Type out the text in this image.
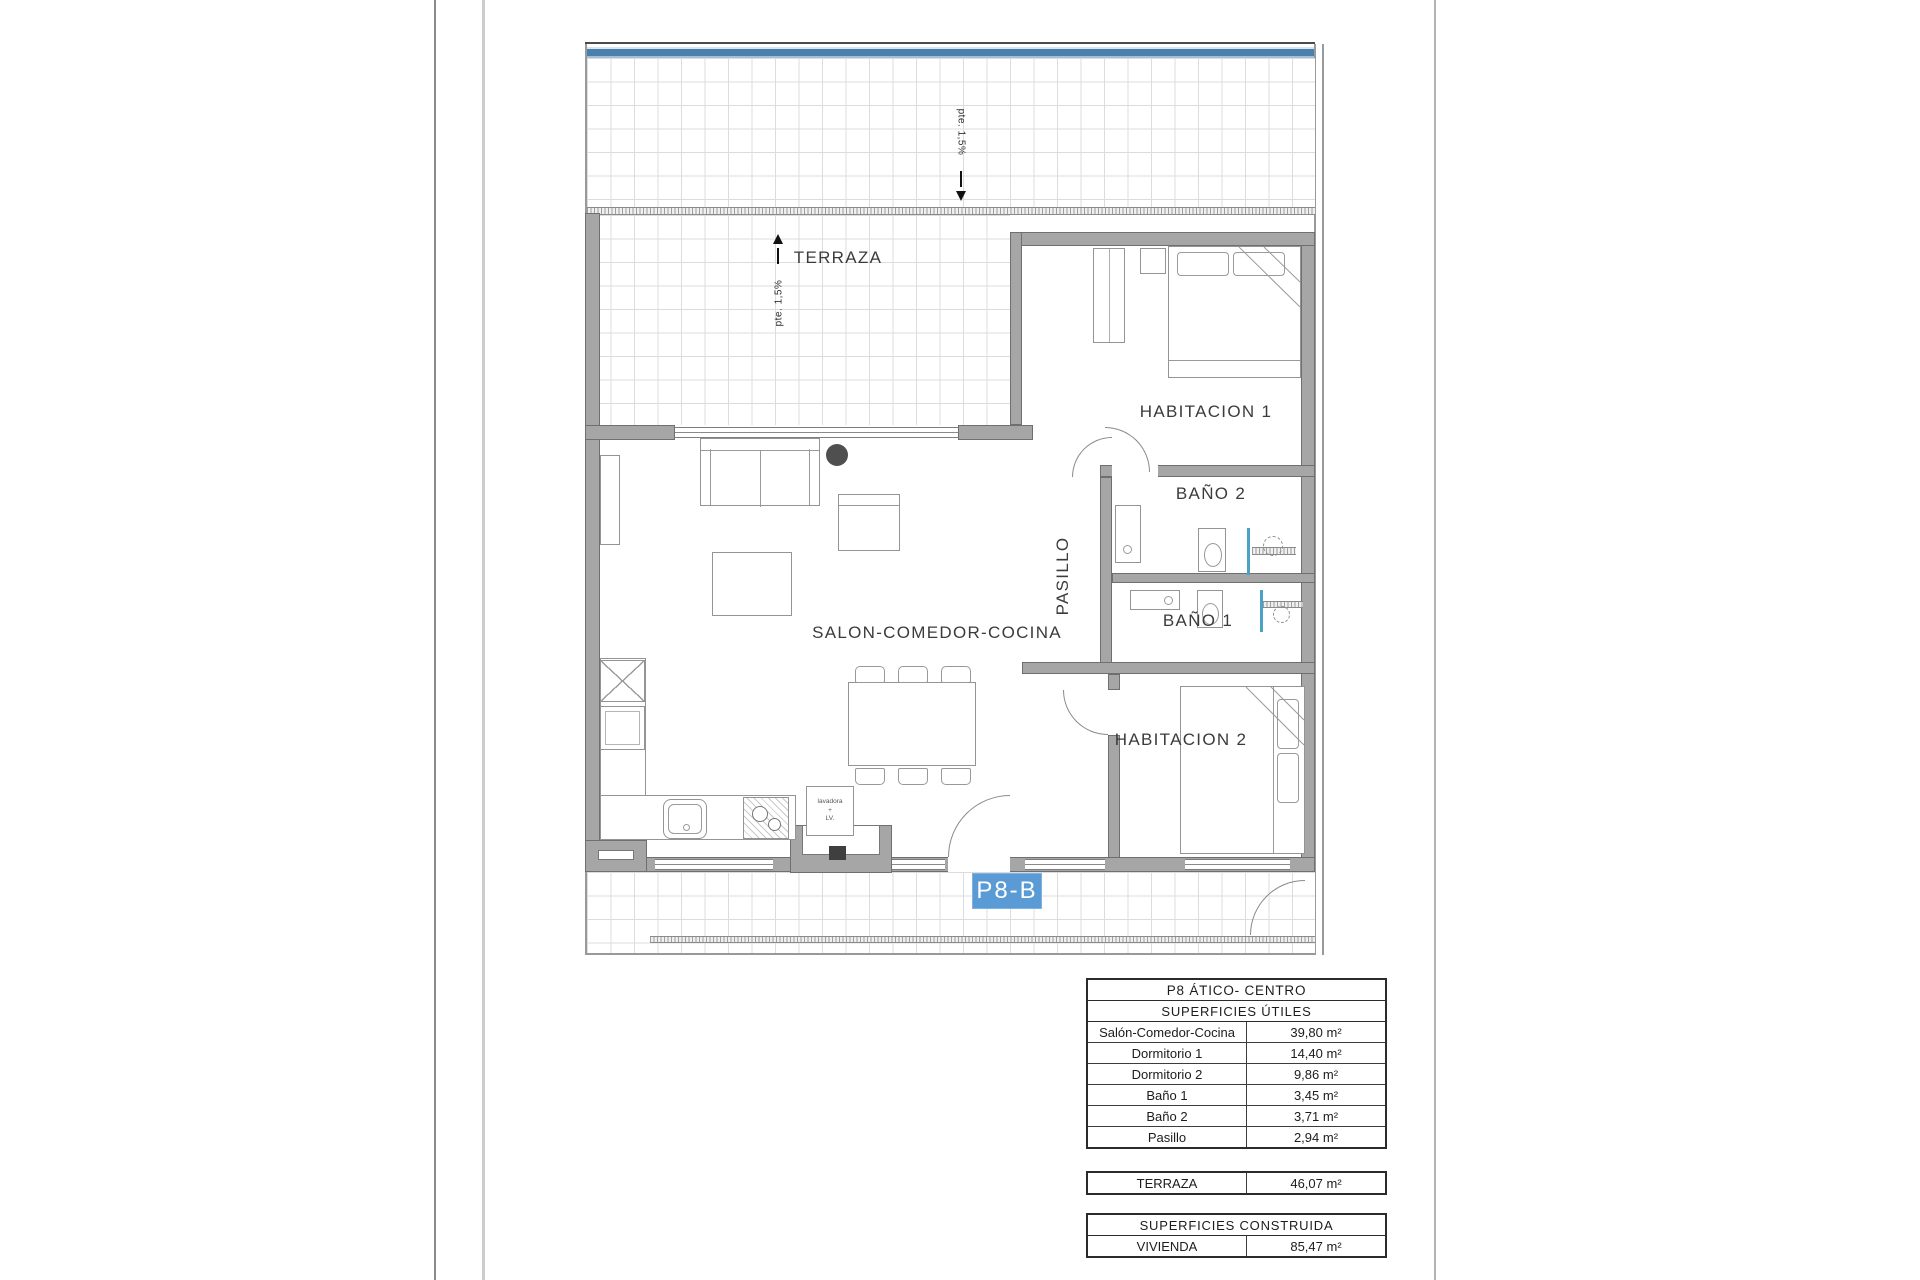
lavadora
+
LV.
TERRAZA
HABITACION 1
BAÑO 2
BAÑO 1
PASILLO
SALON-COMEDOR-COCINA
HABITACION 2
pte. 1,5%
pte. 1,5%
P8-B
P8 ÁTICO- CENTRO
SUPERFICIES ÚTILES
Salón-Comedor-Cocina	39,80 m²
Dormitorio 1	14,40 m²
Dormitorio 2	9,86 m²
Baño 1	3,45 m²
Baño 2	3,71 m²
Pasillo	2,94 m²
TERRAZA	46,07 m²
SUPERFICIES CONSTRUIDA
VIVIENDA	85,47 m²
